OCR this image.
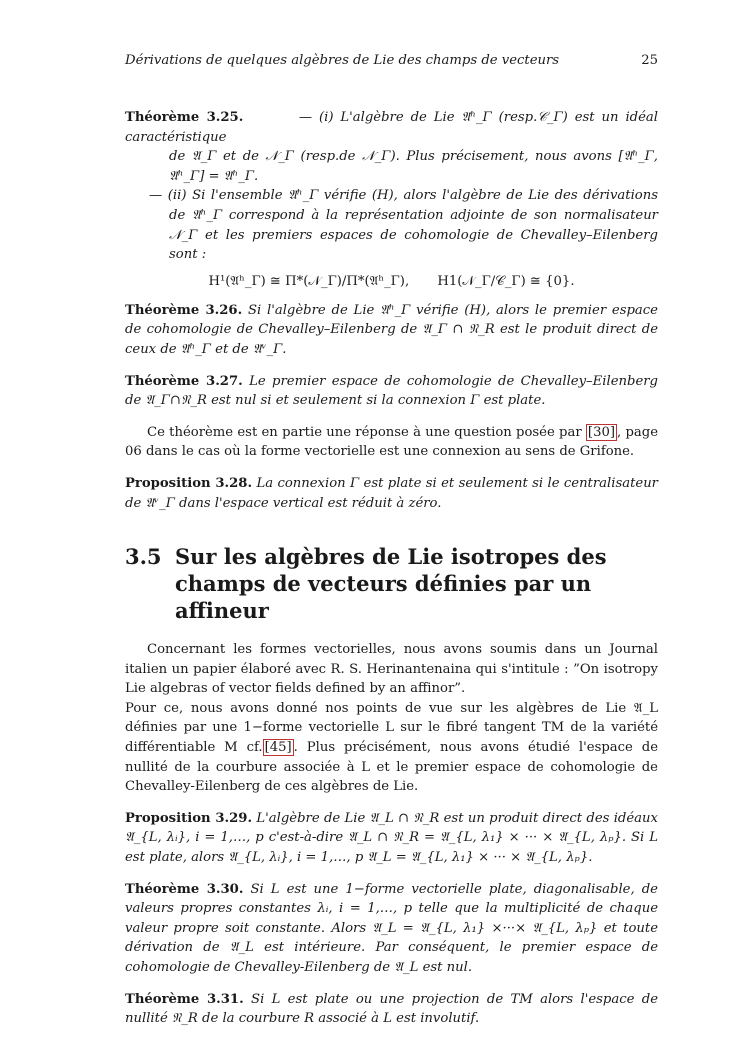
Dérivations de quelques algèbres de Lie des champs de vecteurs	25

Théorème 3.25.	— (i) L'algèbre de Lie 𝔄ʰ_Γ (resp.𝒞_Γ) est un idéal caractéristique

de 𝔄_Γ et de 𝒩_Γ (resp.de 𝒩_Γ). Plus précisement, nous avons [𝔄ʰ_Γ, 𝔄ʰ_Γ] = 𝔄ʰ_Γ.

— (ii) Si l'ensemble 𝔄ʰ_Γ vérifie (H), alors l'algèbre de Lie des dérivations de 𝔄ʰ_Γ correspond à la représentation adjointe de son normalisateur 𝒩_Γ et les premiers espaces de cohomologie de Chevalley–Eilenberg sont :

H¹(𝔄ʰ_Γ) ≅ Π*(𝒩_Γ)/Π*(𝔄ʰ_Γ), H1(𝒩_Γ/𝒞_Γ) ≅ {0}.

Théorème 3.26. Si l'algèbre de Lie 𝔄ʰ_Γ vérifie (H), alors le premier espace de cohomologie de Chevalley–Eilenberg de 𝔄_Γ ∩ 𝔑_R est le produit direct de ceux de 𝔄ʰ_Γ et de 𝔄ᵛ_Γ.

Théorème 3.27. Le premier espace de cohomologie de Chevalley–Eilenberg de 𝔄_Γ∩𝔑_R est nul si et seulement si la connexion Γ est plate.

Ce théorème est en partie une réponse à une question posée par [30] , page 06 dans le cas où la forme vectorielle est une connexion au sens de Grifone.

Proposition 3.28. La connexion Γ est plate si et seulement si le centralisateur de 𝔄ᵛ_Γ dans l'espace vertical est réduit à zéro.

3.5 Sur les algèbres de Lie isotropes des champs de vecteurs définies par un affineur

Concernant les formes vectorielles, nous avons soumis dans un Journal italien un papier élaboré avec R. S. Herinantenaina qui s'intitule : ”On isotropy Lie algebras of vector fields defined by an affinor”.

Pour ce, nous avons donné nos points de vue sur les algèbres de Lie 𝔄_L définies par une 1−forme vectorielle L sur le fibré tangent TM de la variété différentiable M cf. [45] . Plus précisément, nous avons étudié l'espace de nullité de la courbure associée à L et le premier espace de cohomologie de Chevalley-Eilenberg de ces algèbres de Lie.

Proposition 3.29. L'algèbre de Lie 𝔄_L ∩ 𝔑_R est un produit direct des idéaux 𝔄_{L, λᵢ}, i = 1,…, p c'est-à-dire 𝔄_L ∩ 𝔑_R = 𝔄_{L, λ₁} × ··· × 𝔄_{L, λₚ}. Si L est plate, alors 𝔄_{L, λᵢ}, i = 1,…, p 𝔄_L = 𝔄_{L, λ₁} × ··· × 𝔄_{L, λₚ}.

Théorème 3.30. Si L est une 1−forme vectorielle plate, diagonalisable, de valeurs propres constantes λᵢ, i = 1,…, p telle que la multiplicité de chaque valeur propre soit constante. Alors 𝔄_L = 𝔄_{L, λ₁} ×···× 𝔄_{L, λₚ} et toute dérivation de 𝔄_L est intérieure. Par conséquent, le premier espace de cohomologie de Chevalley-Eilenberg de 𝔄_L est nul.

Théorème 3.31. Si L est plate ou une projection de TM alors l'espace de nullité 𝔑_R de la courbure R associé à L est involutif.
